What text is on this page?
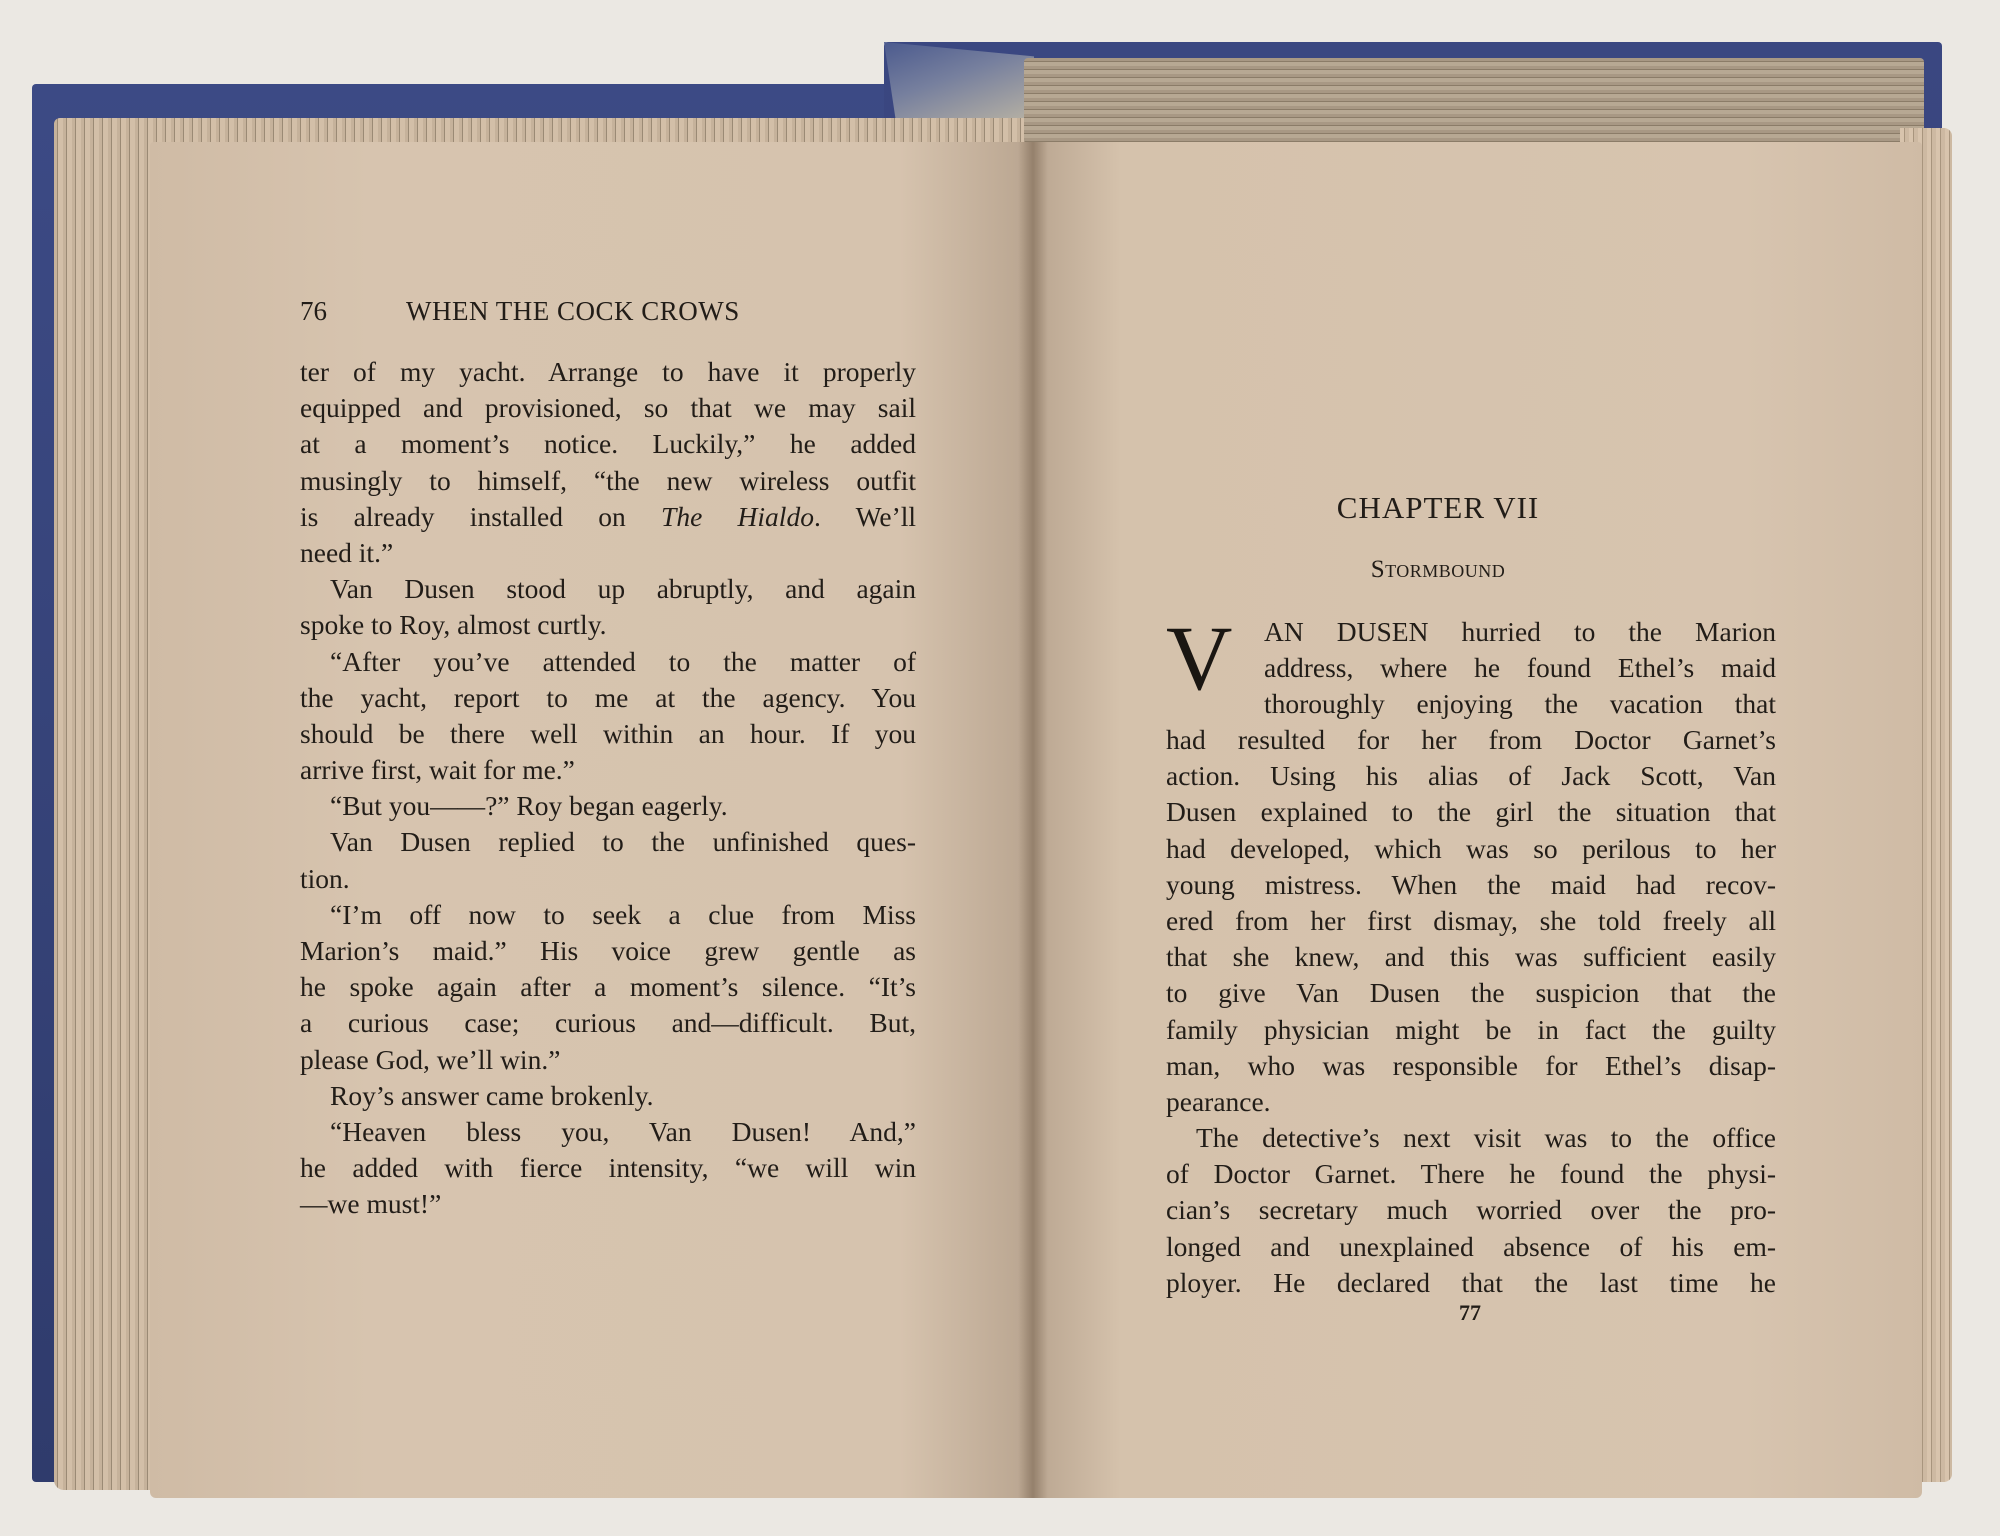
76	WHEN THE COCK CROWS
ter of my yacht. Arrange to have it properly
equipped and provisioned, so that we may sail
at a moment’s notice. Luckily,” he added
musingly to himself, “the new wireless outfit
is already installed on The Hialdo. We’ll
need it.”
Van Dusen stood up abruptly, and again
spoke to Roy, almost curtly.
“After you’ve attended to the matter of
the yacht, report to me at the agency. You
should be there well within an hour. If you
arrive first, wait for me.”
“But you——?” Roy began eagerly.
Van Dusen replied to the unfinished ques-
tion.
“I’m off now to seek a clue from Miss
Marion’s maid.” His voice grew gentle as
he spoke again after a moment’s silence. “It’s
a curious case; curious and—difficult. But,
please God, we’ll win.”
Roy’s answer came brokenly.
“Heaven bless you, Van Dusen! And,”
he added with fierce intensity, “we will win
—we must!”
CHAPTER VII
Stormbound
V AN DUSEN hurried to the Marion
address, where he found Ethel’s maid
thoroughly enjoying the vacation that
had resulted for her from Doctor Garnet’s
action. Using his alias of Jack Scott, Van
Dusen explained to the girl the situation that
had developed, which was so perilous to her
young mistress. When the maid had recov-
ered from her first dismay, she told freely all
that she knew, and this was sufficient easily
to give Van Dusen the suspicion that the
family physician might be in fact the guilty
man, who was responsible for Ethel’s disap-
pearance.
The detective’s next visit was to the office
of Doctor Garnet. There he found the physi-
cian’s secretary much worried over the pro-
longed and unexplained absence of his em-
ployer. He declared that the last time he
77
